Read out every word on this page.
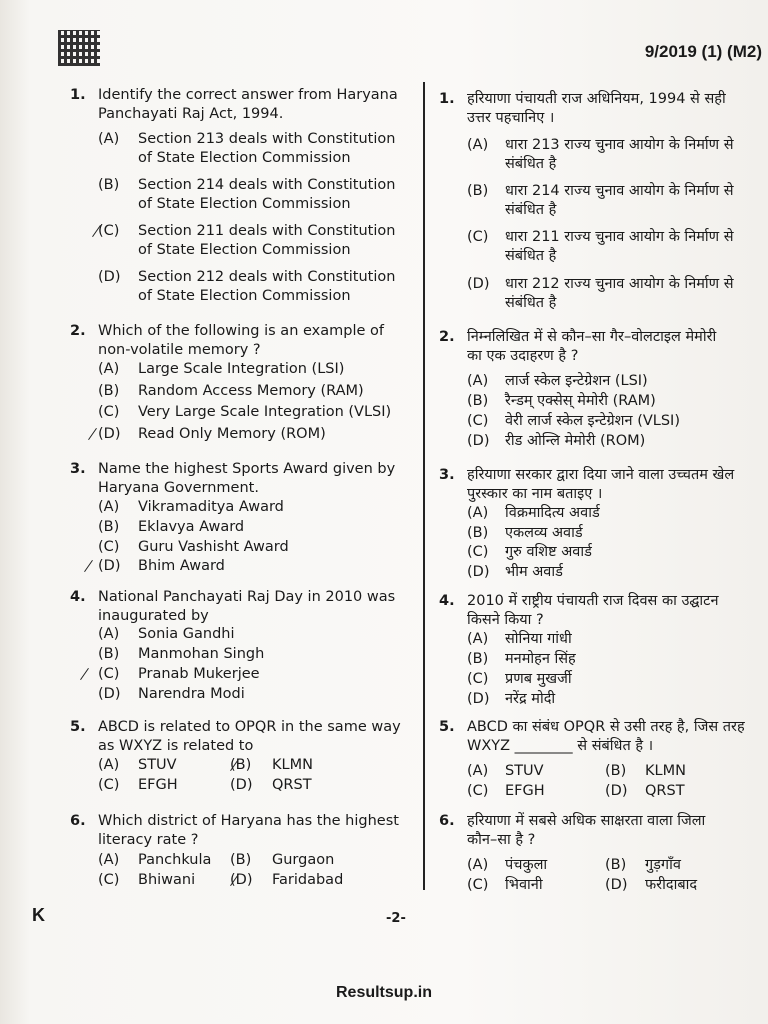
9/2019 (1) (M2)
1. Identify the correct answer from Haryana
Panchayati Raj Act, 1994.
(A) Section 213 deals with Constitution
of State Election Commission
(B) Section 214 deals with Constitution
of State Election Commission
(C) Section 211 deals with Constitution
of State Election Commission
(D) Section 212 deals with Constitution
of State Election Commission
2. Which of the following is an example of
non-volatile memory ?
(A) Large Scale Integration (LSI)
(B) Random Access Memory (RAM)
(C) Very Large Scale Integration (VLSI)
(D) Read Only Memory (ROM)
3. Name the highest Sports Award given by
Haryana Government.
(A) Vikramaditya Award
(B) Eklavya Award
(C) Guru Vashisht Award
(D) Bhim Award
4. National Panchayati Raj Day in 2010 was
inaugurated by
(A) Sonia Gandhi
(B) Manmohan Singh
(C) Pranab Mukerjee
(D) Narendra Modi
5. ABCD is related to OPQR in the same way
as WXYZ is related to
(A) STUV	(B) KLMN
(C) EFGH	(D) QRST
6. Which district of Haryana has the highest
literacy rate ?
(A) Panchkula (B) Gurgaon
(C) Bhiwani (D) Faridabad
1. हरियाणा पंचायती राज अधिनियम, 1994 से सही
उत्तर पहचानिए ।
(A) धारा 213 राज्य चुनाव आयोग के निर्माण से
संबंधित है
(B) धारा 214 राज्य चुनाव आयोग के निर्माण से
संबंधित है
(C) धारा 211 राज्य चुनाव आयोग के निर्माण से
संबंधित है
(D) धारा 212 राज्य चुनाव आयोग के निर्माण से
संबंधित है
2. निम्नलिखित में से कौन–सा गैर–वोलटाइल मेमोरी
का एक उदाहरण है ?
(A) लार्ज स्केल इन्टेग्रेशन (LSI)
(B) रैन्डम् एक्सेस् मेमोरी (RAM)
(C) वेरी लार्ज स्केल इन्टेग्रेशन (VLSI)
(D) रीड ओन्लि मेमोरी (ROM)
3. हरियाणा सरकार द्वारा दिया जाने वाला उच्चतम खेल
पुरस्कार का नाम बताइए ।
(A) विक्रमादित्य अवार्ड
(B) एकलव्य अवार्ड
(C) गुरु वशिष्ट अवार्ड
(D) भीम अवार्ड
4. 2010 में राष्ट्रीय पंचायती राज दिवस का उद्घाटन
किसने किया ?
(A) सोनिया गांधी
(B) मनमोहन सिंह
(C) प्रणब मुखर्जी
(D) नरेंद्र मोदी
5. ABCD का संबंध OPQR से उसी तरह है, जिस तरह
WXYZ ________ से संबंधित है ।
(A) STUV	(B) KLMN
(C) EFGH	(D) QRST
6. हरियाणा में सबसे अधिक साक्षरता वाला जिला
कौन–सा है ?
(A) पंचकुला	(B) गुड़गाँव
(C) भिवानी	(D) फरीदाबाद
K	-2-
Resultsup.in
